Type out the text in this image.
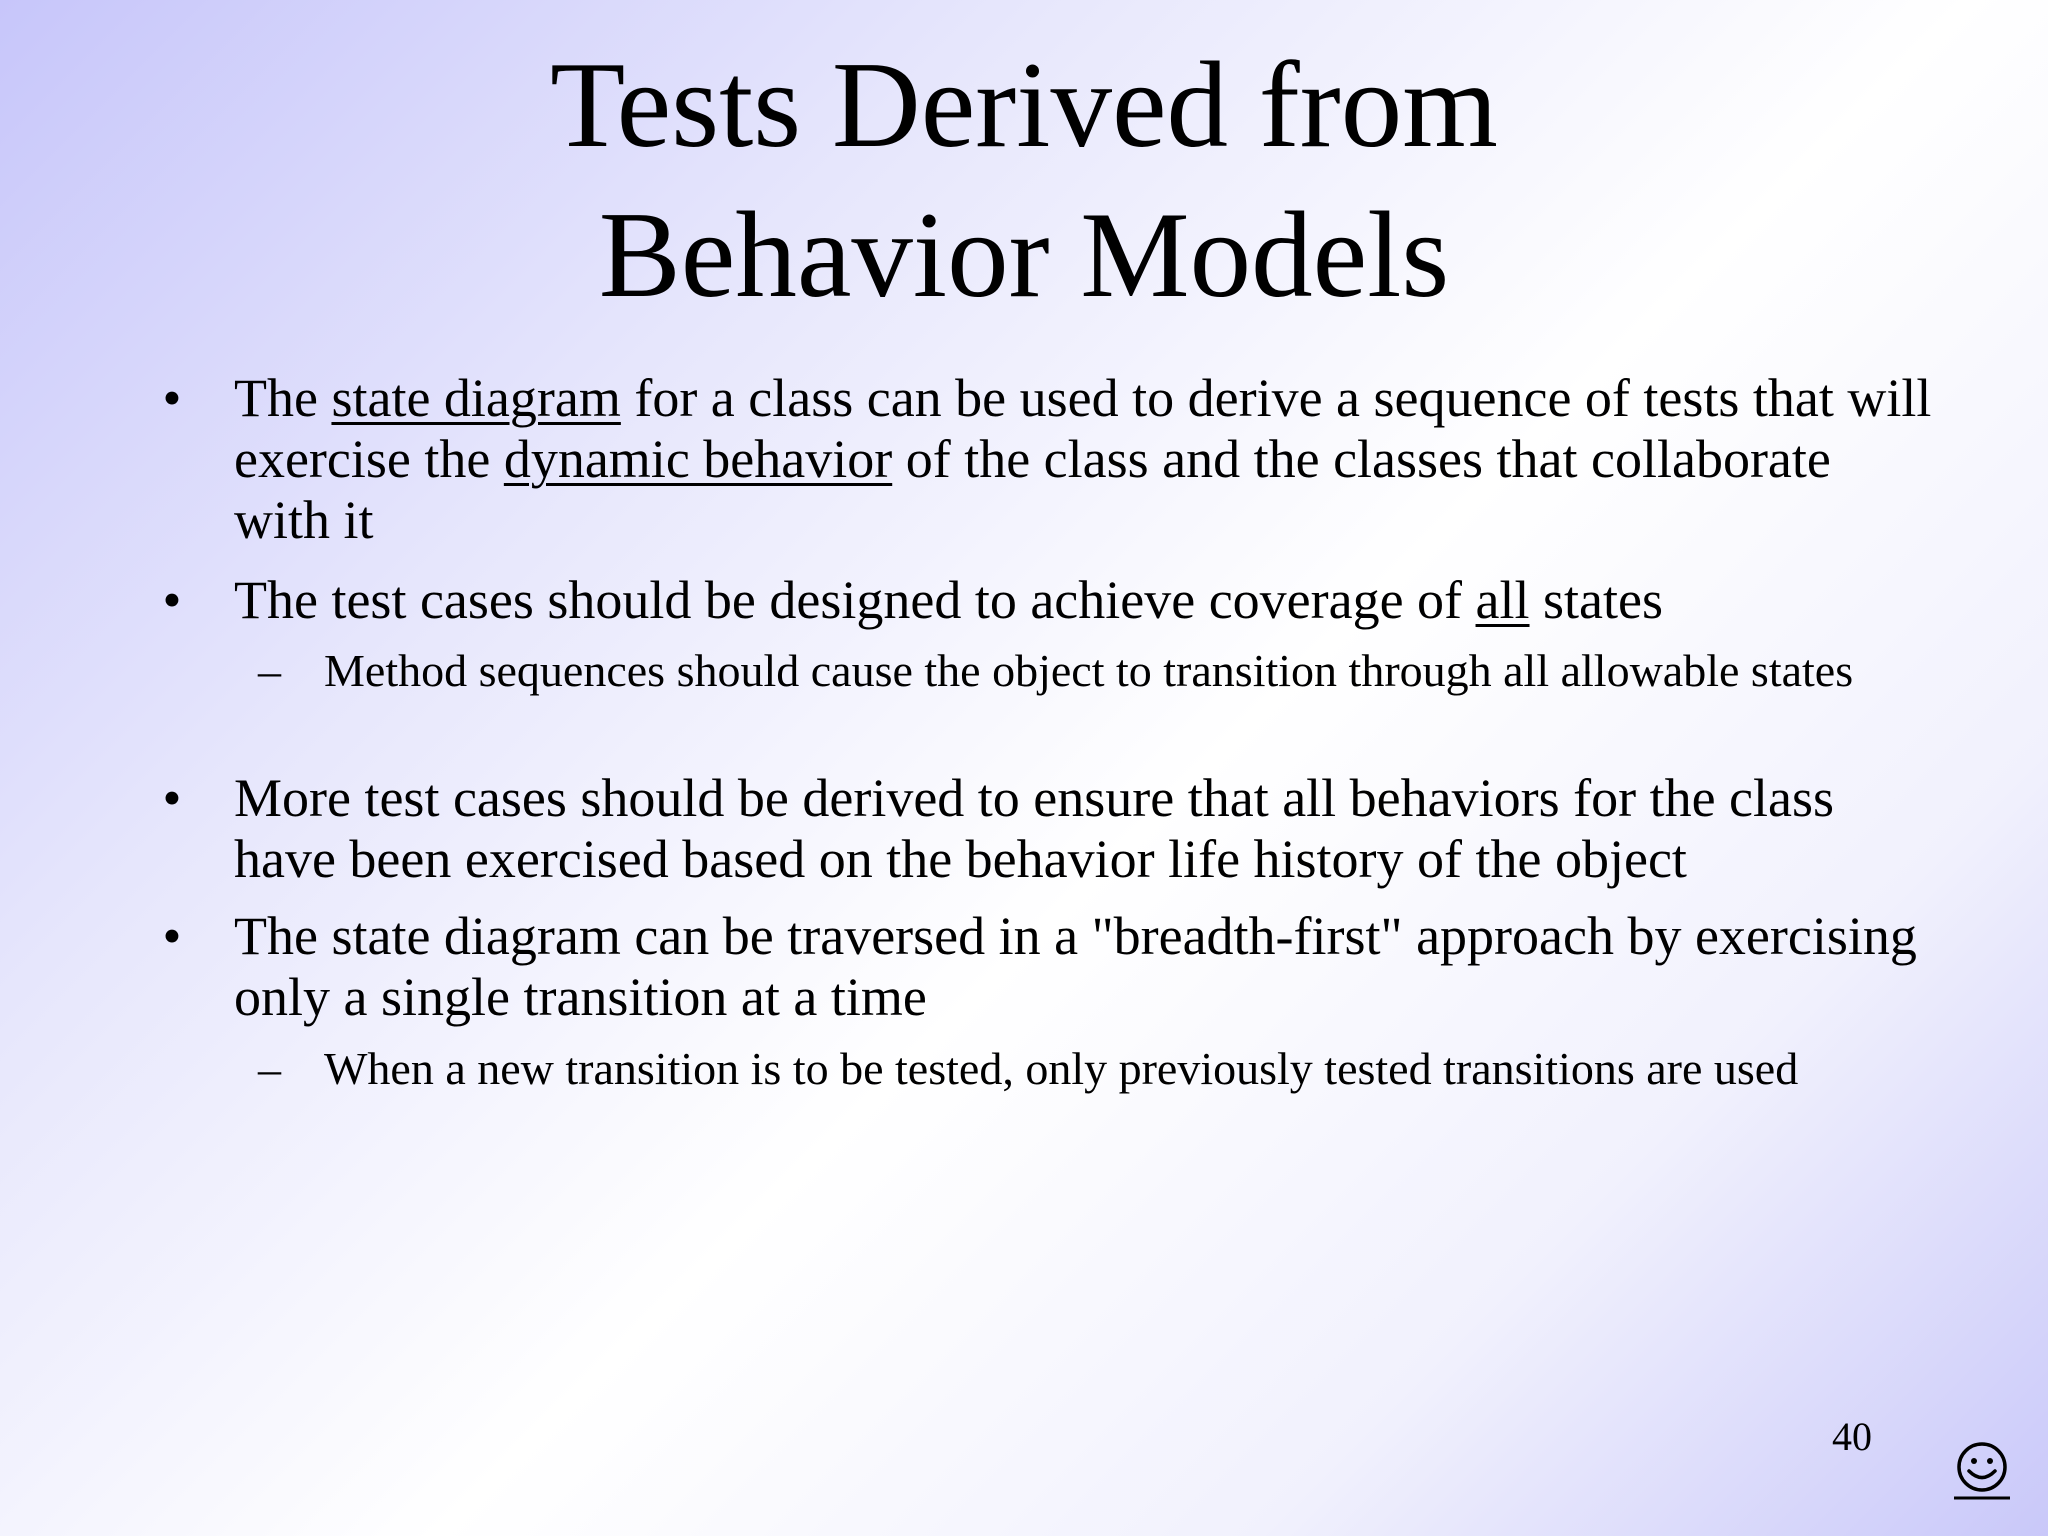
Tests Derived from
Behavior Models
• The state diagram for a class can be used to derive a sequence of tests that will exercise the dynamic behavior of the class and the classes that collaborate with it
• The test cases should be designed to achieve coverage of all states
– Method sequences should cause the object to transition through all allowable states
• More test cases should be derived to ensure that all behaviors for the class have been exercised based on the behavior life history of the object
• The state diagram can be traversed in a "breadth-first" approach by exercising only a single transition at a time
– When a new transition is to be tested, only previously tested transitions are used
40
